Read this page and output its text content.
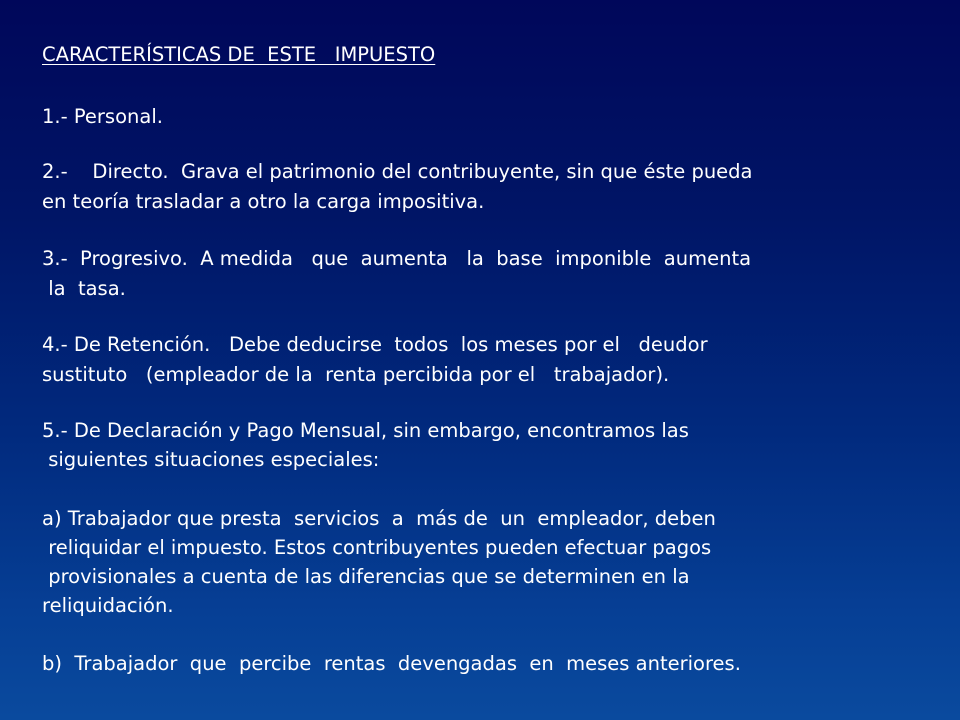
CARACTERÍSTICAS DE  ESTE   IMPUESTO
1.- Personal.
2.-    Directo.  Grava el patrimonio del contribuyente, sin que éste pueda
en teoría trasladar a otro la carga impositiva.
3.-  Progresivo.  A medida   que  aumenta   la  base  imponible  aumenta
la  tasa.
4.- De Retención.   Debe deducirse  todos  los meses por el   deudor
sustituto   (empleador de la  renta percibida por el   trabajador).
5.- De Declaración y Pago Mensual, sin embargo, encontramos las
siguientes situaciones especiales:
a) Trabajador que presta  servicios  a  más de  un  empleador, deben
reliquidar el impuesto. Estos contribuyentes pueden efectuar pagos
provisionales a cuenta de las diferencias que se determinen en la
reliquidación.
b)  Trabajador  que  percibe  rentas  devengadas  en  meses anteriores.
